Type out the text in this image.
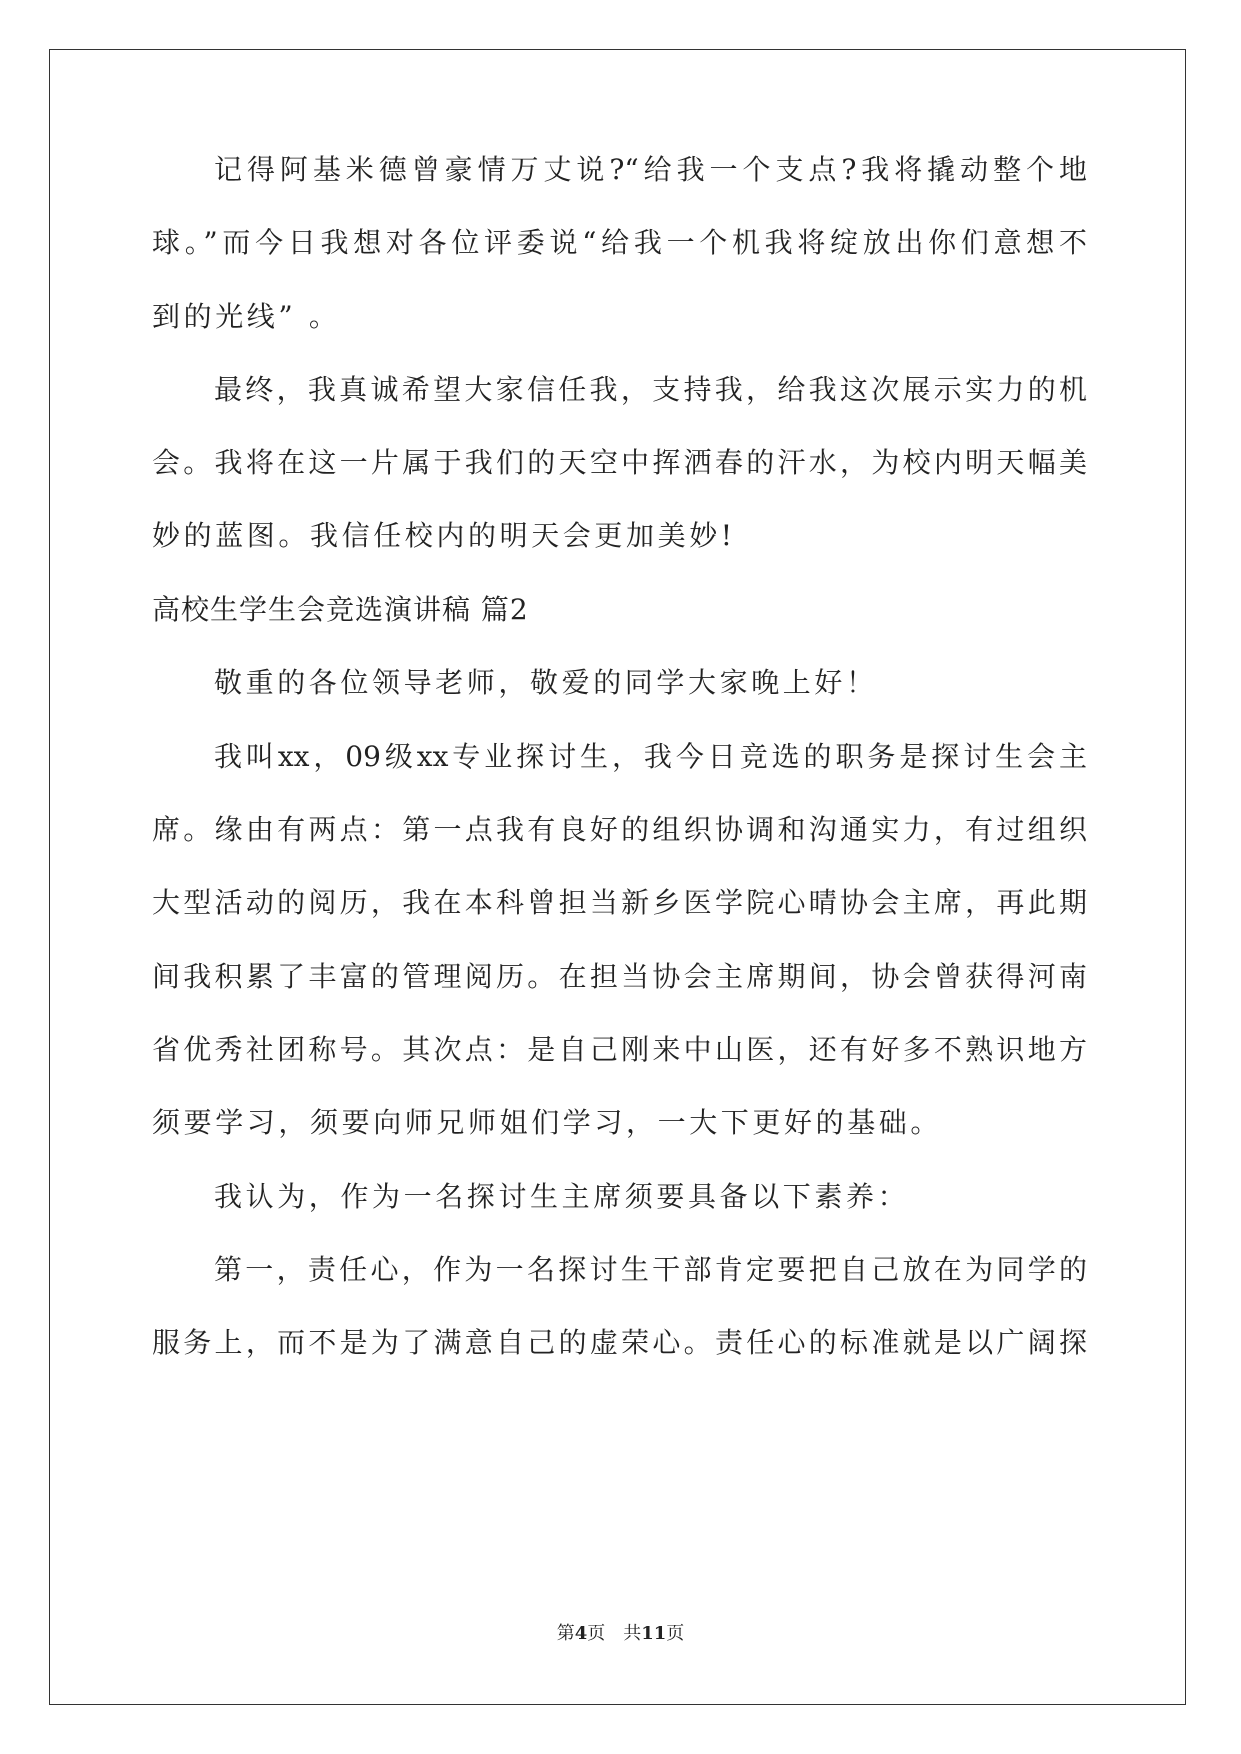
记得阿基米德曾豪情万丈说?“给我一个支点?我将撬动整个地
球。”而今日我想对各位评委说“给我一个机我将绽放出你们意想不
到的光线” 。
最终，我真诚希望大家信任我，支持我，给我这次展示实力的机
会。我将在这一片属于我们的天空中挥洒春的汗水，为校内明天幅美
妙的蓝图。我信任校内的明天会更加美妙!
高校生学生会竞选演讲稿 篇2
敬重的各位领导老师，敬爱的同学大家晚上好！
我叫xx，09级xx专业探讨生，我今日竞选的职务是探讨生会主
席。缘由有两点：第一点我有良好的组织协调和沟通实力，有过组织
大型活动的阅历，我在本科曾担当新乡医学院心晴协会主席，再此期
间我积累了丰富的管理阅历。在担当协会主席期间，协会曾获得河南
省优秀社团称号。其次点：是自己刚来中山医，还有好多不熟识地方
须要学习，须要向师兄师姐们学习，一大下更好的基础。
我认为，作为一名探讨生主席须要具备以下素养：
第一，责任心，作为一名探讨生干部肯定要把自己放在为同学的
服务上，而不是为了满意自己的虚荣心。责任心的标准就是以广阔探
第4页　共11页
